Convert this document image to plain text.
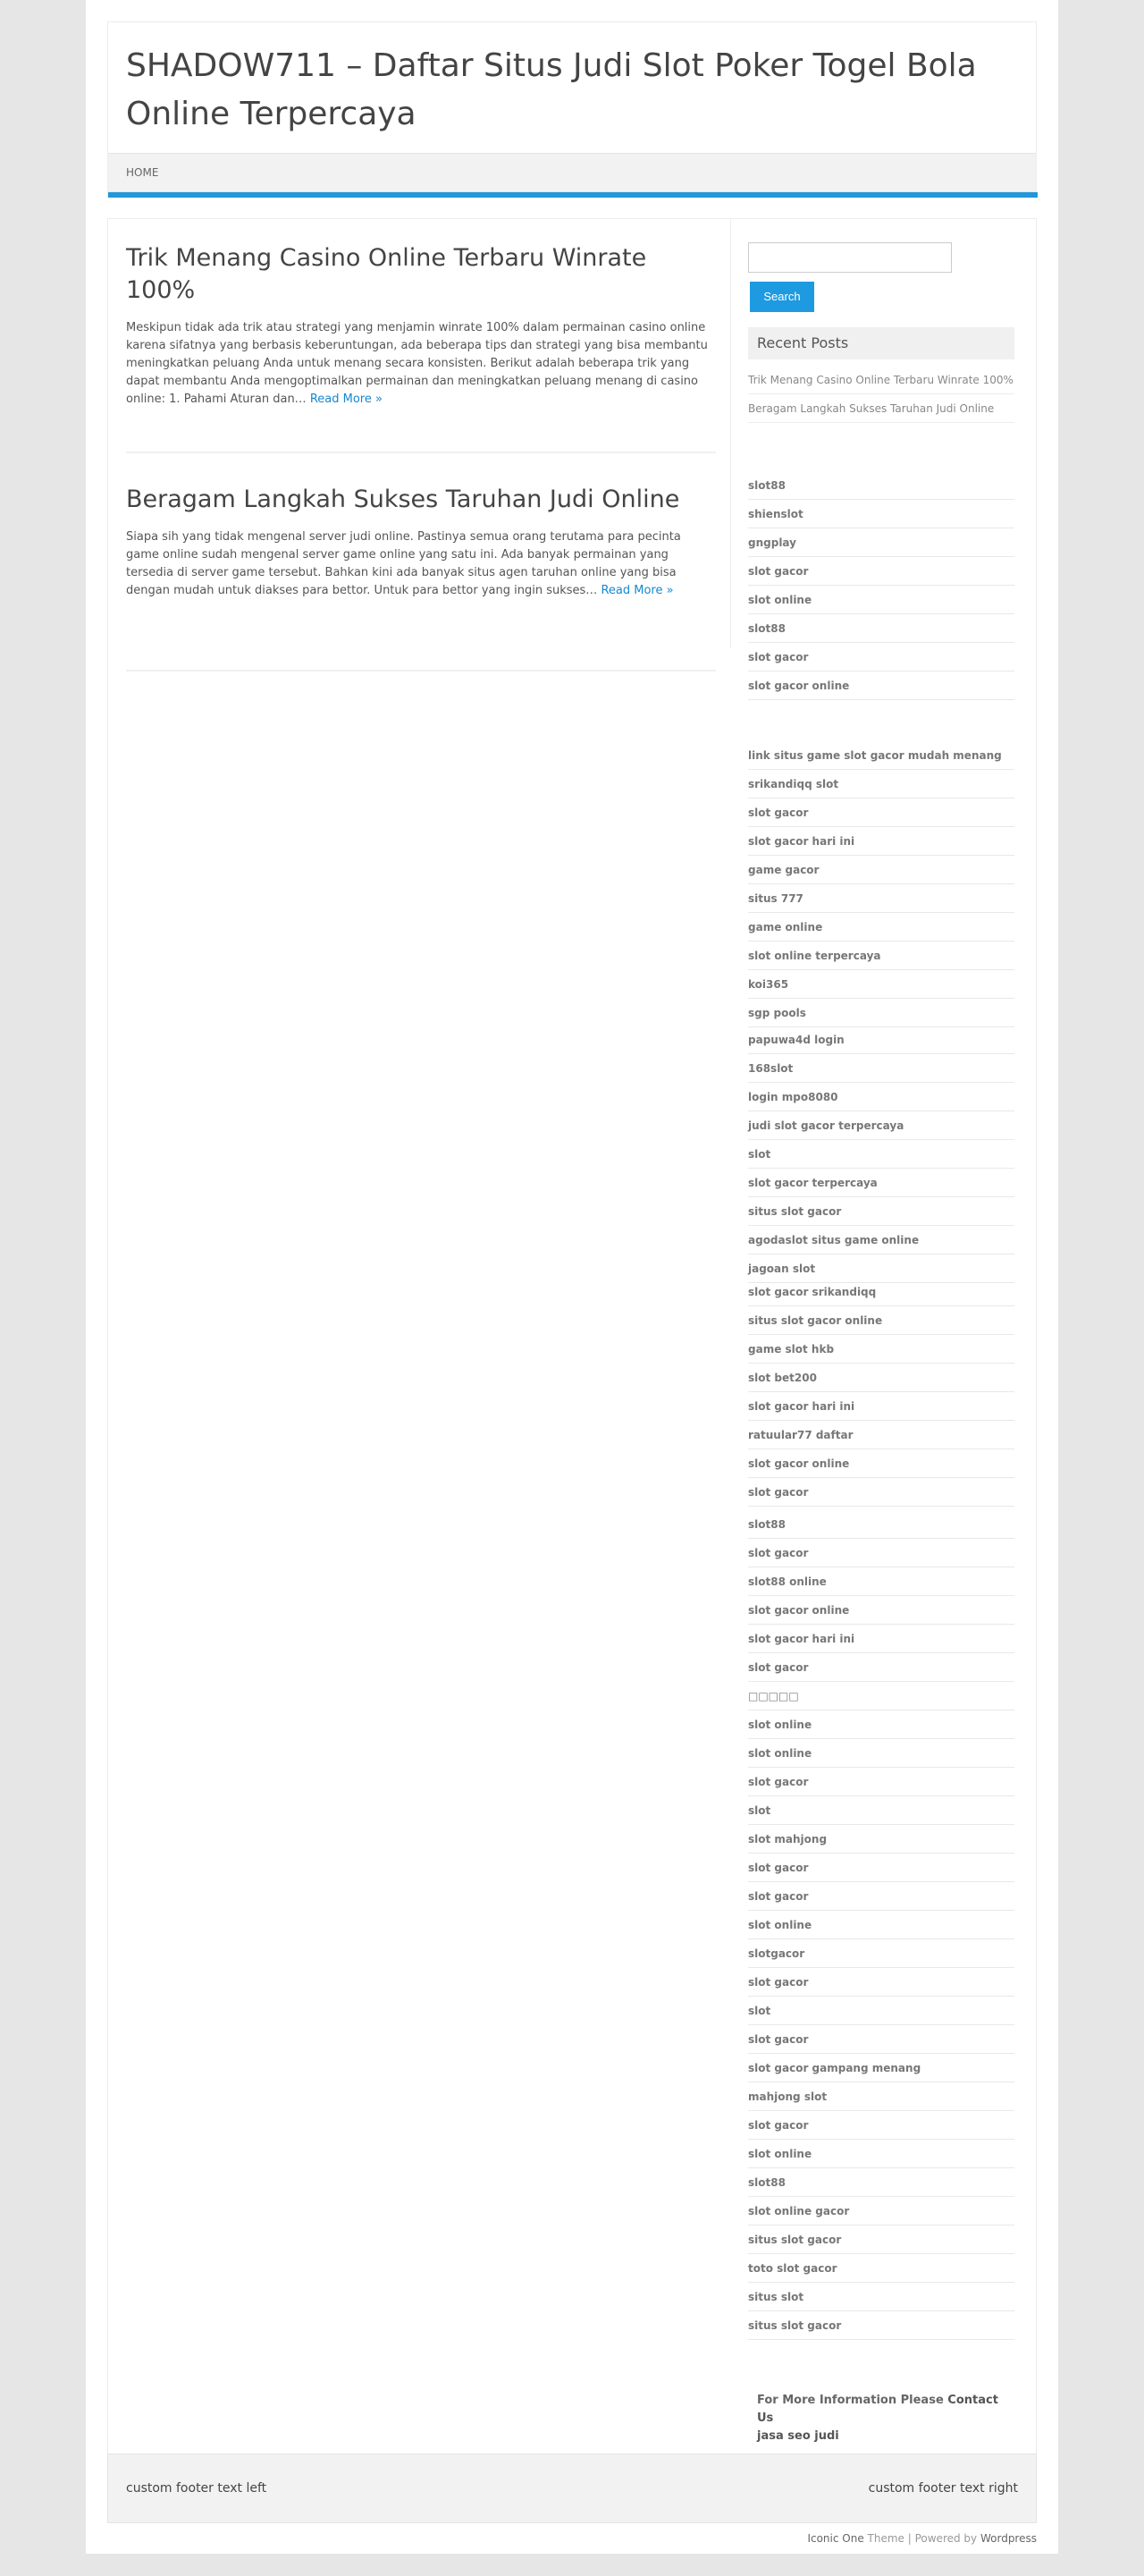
SHADOW711 – Daftar Situs Judi Slot Poker Togel Bola Online Terpercaya
HOME
Trik Menang Casino Online Terbaru Winrate 100%

Meskipun tidak ada trik atau strategi yang menjamin winrate 100% dalam permainan casino online karena sifatnya yang berbasis keberuntungan, ada beberapa tips dan strategi yang bisa membantu meningkatkan peluang Anda untuk menang secara konsisten. Berikut adalah beberapa trik yang dapat membantu Anda mengoptimalkan permainan dan meningkatkan peluang menang di casino online: 1. Pahami Aturan dan… Read More »

Beragam Langkah Sukses Taruhan Judi Online

Siapa sih yang tidak mengenal server judi online. Pastinya semua orang terutama para pecinta game online sudah mengenal server game online yang satu ini. Ada banyak permainan yang tersedia di server game tersebut. Bahkan kini ada banyak situs agen taruhan online yang bisa dengan mudah untuk diakses para bettor. Untuk para bettor yang ingin sukses… Read More »

Search
Recent Posts
Trik Menang Casino Online Terbaru Winrate 100%
Beragam Langkah Sukses Taruhan Judi Online
For More Information Please Contact Us
jasa seo judi
slot88
shienslot
gngplay
slot gacor
slot online
slot88
slot gacor
slot gacor online
link situs game slot gacor mudah menang
srikandiqq slot
slot gacor
slot gacor hari ini
game gacor
situs 777
game online
slot online terpercaya
koi365
sgp pools
papuwa4d login
168slot
login mpo8080
judi slot gacor terpercaya
slot
slot gacor terpercaya
situs slot gacor
agodaslot situs game online
jagoan slot
slot gacor srikandiqq
situs slot gacor online
game slot hkb
slot bet200
slot gacor hari ini
ratuular77 daftar
slot gacor online
slot gacor
slot88
slot gacor
slot88 online
slot gacor online
slot gacor hari ini
slot gacor
□□□□□
slot online
slot online
slot gacor
slot
slot mahjong
slot gacor
slot gacor
slot online
slotgacor
slot gacor
slot
slot gacor
slot gacor gampang menang
mahjong slot
slot gacor
slot online
slot88
slot online gacor
situs slot gacor
toto slot gacor
situs slot
situs slot gacor
custom footer text left	custom footer text right
Iconic One Theme | Powered by Wordpress
